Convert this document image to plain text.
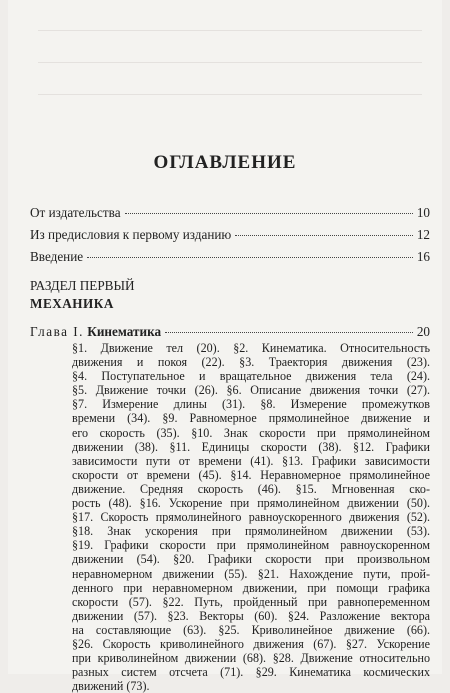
ОГЛАВЛЕНИЕ
От издательства	10
Из предисловия к первому изданию	12
Введение	16
РАЗДЕЛ ПЕРВЫЙ
МЕХАНИКА
Глава I. Кинематика	20
§1. Движение тел (20). §2. Кинематика. Относительность
движения и покоя (22). §3. Траектория движения (23).
§4. Поступательное и вращательное движения тела (24).
§5. Движение точки (26). §6. Описание движения точки (27).
§7. Измерение длины (31). §8. Измерение промежутков
времени (34). §9. Равномерное прямолинейное движение и
его скорость (35). §10. Знак скорости при прямолинейном
движении (38). §11. Единицы скорости (38). §12. Графики
зависимости пути от времени (41). §13. Графики зависимости
скорости от времени (45). §14. Неравномерное прямолинейное
движение. Средняя скорость (46). §15. Мгновенная ско-
рость (48). §16. Ускорение при прямолинейном движении (50).
§17. Скорость прямолинейного равноускоренного движения (52).
§18. Знак ускорения при прямолинейном движении (53).
§19. Графики скорости при прямолинейном равноускоренном
движении (54). §20. Графики скорости при произвольном
неравномерном движении (55). §21. Нахождение пути, прой-
денного при неравномерном движении, при помощи графика
скорости (57). §22. Путь, пройденный при равнопеременном
движении (57). §23. Векторы (60). §24. Разложение вектора
на составляющие (63). §25. Криволинейное движение (66).
§26. Скорость криволинейного движения (67). §27. Ускорение
при криволинейном движении (68). §28. Движение относительно
разных систем отсчета (71). §29. Кинематика космических
движений (73).
